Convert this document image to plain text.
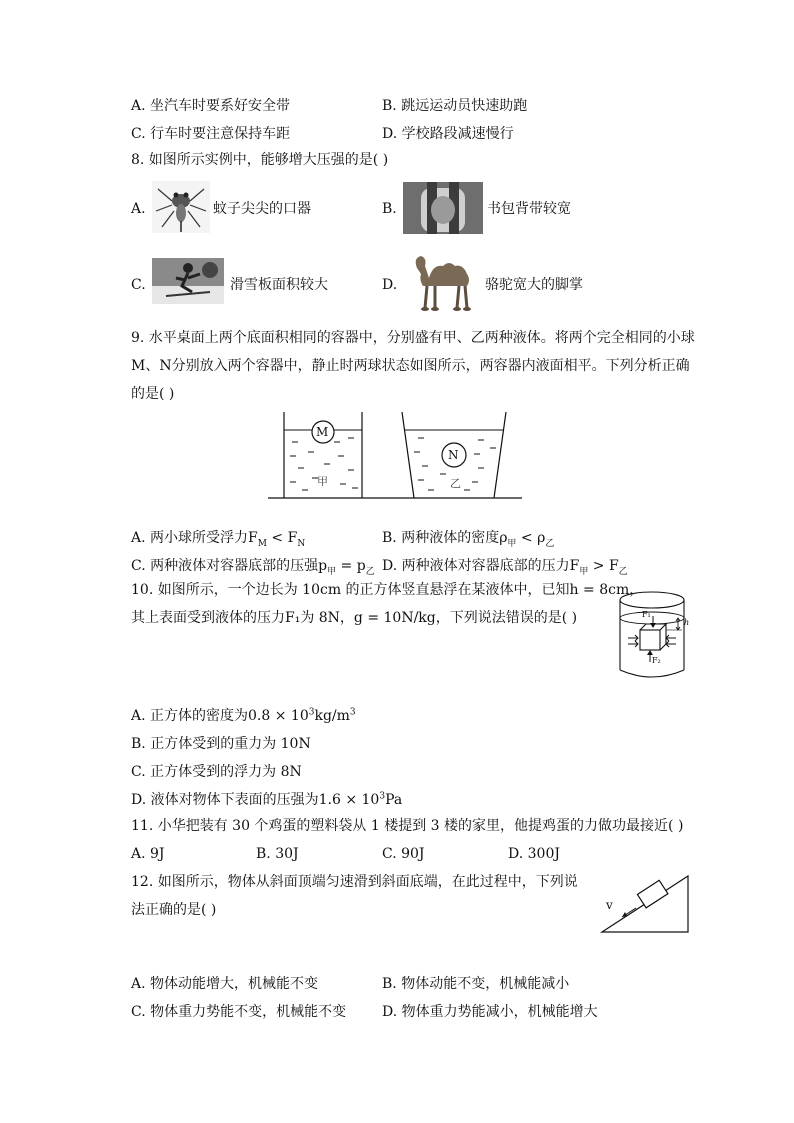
A. 坐汽车时要系好安全带	B. 跳远运动员快速助跑
C. 行车时要注意保持车距	D. 学校路段减速慢行
8. 如图所示实例中，能够增大压强的是( )
A.	蚊子尖尖的口器	B.	书包背带较宽
C.	滑雪板面积较大	D.	骆驼宽大的脚掌
9. 水平桌面上两个底面积相同的容器中，分别盛有甲、乙两种液体。将两个完全相同的小球
M、N分别放入两个容器中，静止时两球状态如图所示，两容器内液面相平。下列分析正确
的是( )
M
N
甲	乙
A. 两小球所受浮力$F_M < F_N$	B. 两种液体的密度$\rho_甲 < \rho_乙$
C. 两种液体对容器底部的压强$p_甲 = p_乙$ D. 两种液体对容器底部的压力$F_甲 > F_乙$
10. 如图所示，一个边长为 10cm 的正方体竖直悬浮在某液体中，已知h = 8cm，
其上表面受到液体的压力F₁为 8N，g = 10N/kg，下列说法错误的是( )	F₁
F₂
h
A. 正方体的密度为$0.8 \times 10^3kg/m^3$
B. 正方体受到的重力为 10N
C. 正方体受到的浮力为 8N
D. 液体对物体下表面的压强为$1.6 \times 10^3Pa$
11. 小华把装有 30 个鸡蛋的塑料袋从 1 楼提到 3 楼的家里，他提鸡蛋的力做功最接近( )
A. 9J	B. 30J	C. 90J	D. 300J
12. 如图所示，物体从斜面顶端匀速滑到斜面底端，在此过程中，下列说
法正确的是( )	v
A. 物体动能增大，机械能不变	B. 物体动能不变，机械能减小
C. 物体重力势能不变，机械能不变	D. 物体重力势能减小，机械能增大
